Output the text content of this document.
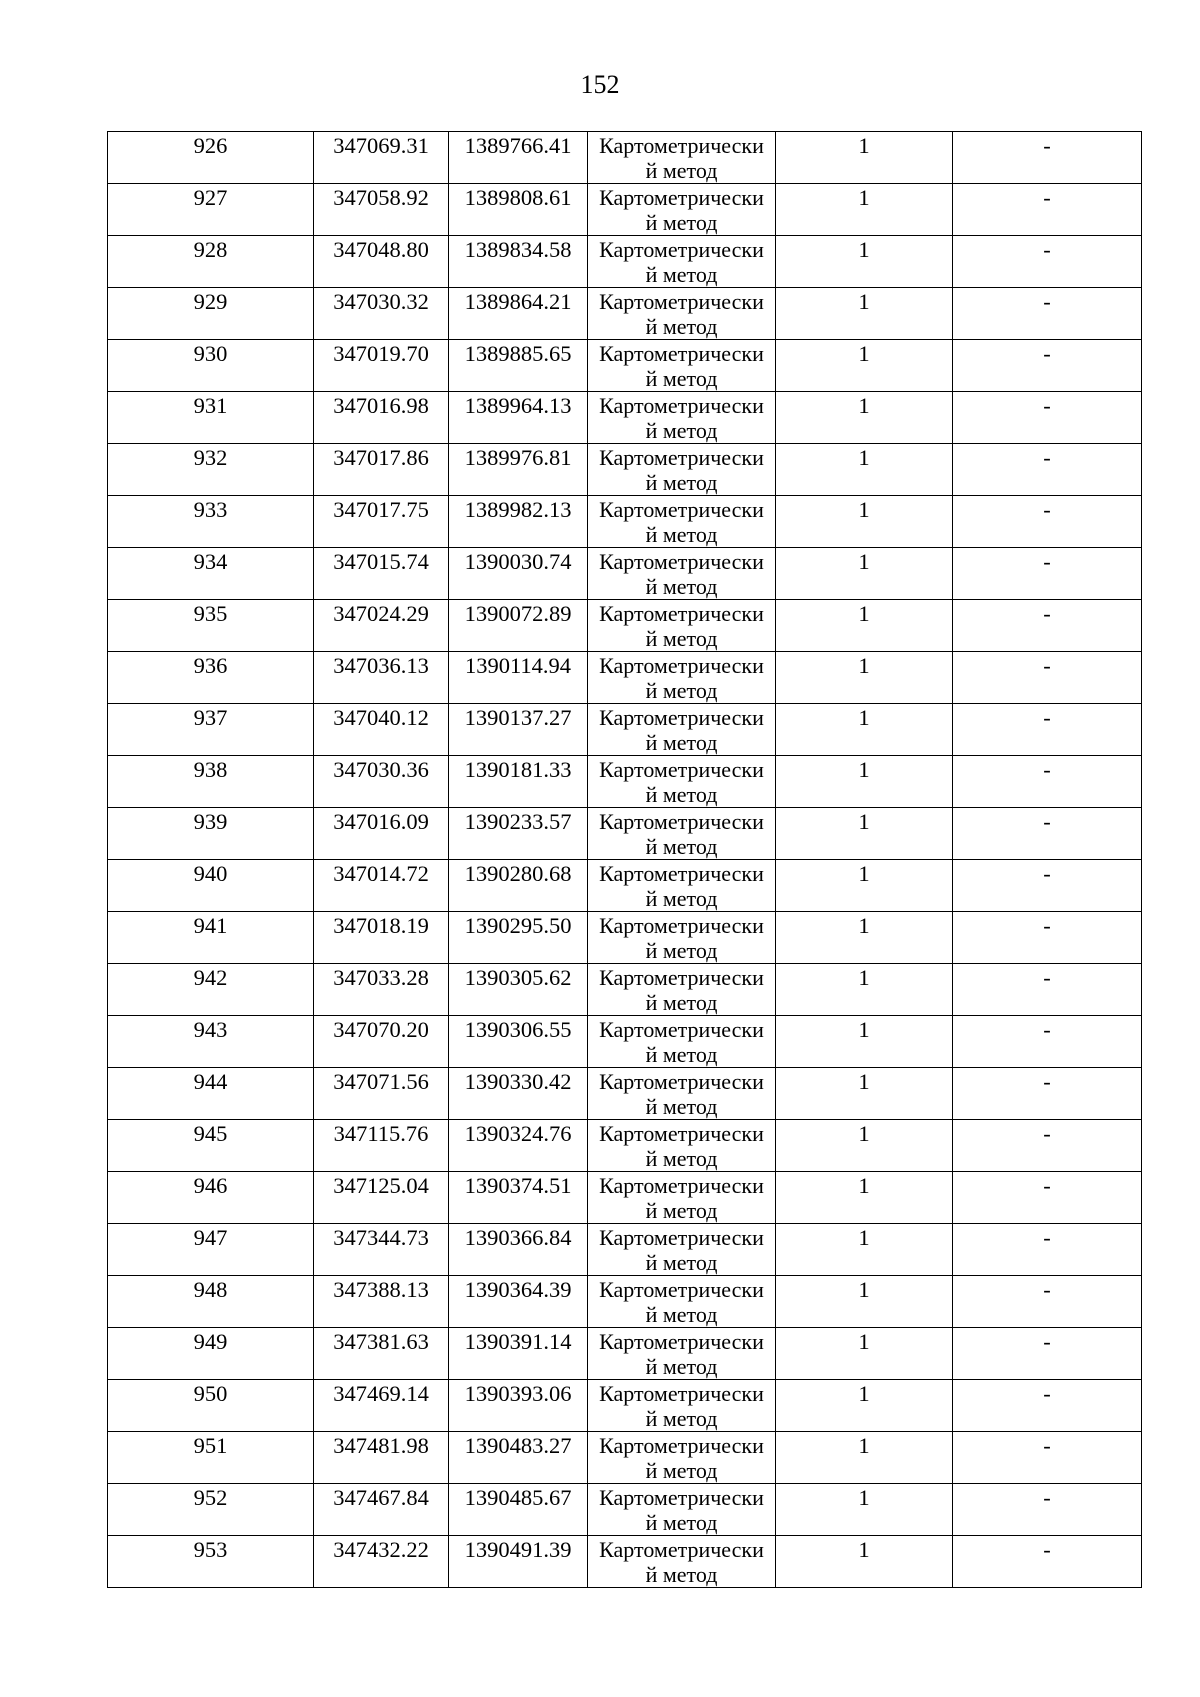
152
926	347069.31	1389766.41	Картометрически
й метод	1	-

927	347058.92	1389808.61	Картометрически
й метод	1	-

928	347048.80	1389834.58	Картометрически
й метод	1	-

929	347030.32	1389864.21	Картометрически
й метод	1	-

930	347019.70	1389885.65	Картометрически
й метод	1	-

931	347016.98	1389964.13	Картометрически
й метод	1	-

932	347017.86	1389976.81	Картометрически
й метод	1	-

933	347017.75	1389982.13	Картометрически
й метод	1	-

934	347015.74	1390030.74	Картометрически
й метод	1	-

935	347024.29	1390072.89	Картометрически
й метод	1	-

936	347036.13	1390114.94	Картометрически
й метод	1	-

937	347040.12	1390137.27	Картометрически
й метод	1	-

938	347030.36	1390181.33	Картометрически
й метод	1	-

939	347016.09	1390233.57	Картометрически
й метод	1	-

940	347014.72	1390280.68	Картометрически
й метод	1	-

941	347018.19	1390295.50	Картометрически
й метод	1	-

942	347033.28	1390305.62	Картометрически
й метод	1	-

943	347070.20	1390306.55	Картометрически
й метод	1	-

944	347071.56	1390330.42	Картометрически
й метод	1	-

945	347115.76	1390324.76	Картометрически
й метод	1	-

946	347125.04	1390374.51	Картометрически
й метод	1	-

947	347344.73	1390366.84	Картометрически
й метод	1	-

948	347388.13	1390364.39	Картометрически
й метод	1	-

949	347381.63	1390391.14	Картометрически
й метод	1	-

950	347469.14	1390393.06	Картометрически
й метод	1	-

951	347481.98	1390483.27	Картометрически
й метод	1	-

952	347467.84	1390485.67	Картометрически
й метод	1	-

953	347432.22	1390491.39	Картометрически
й метод	1	-
